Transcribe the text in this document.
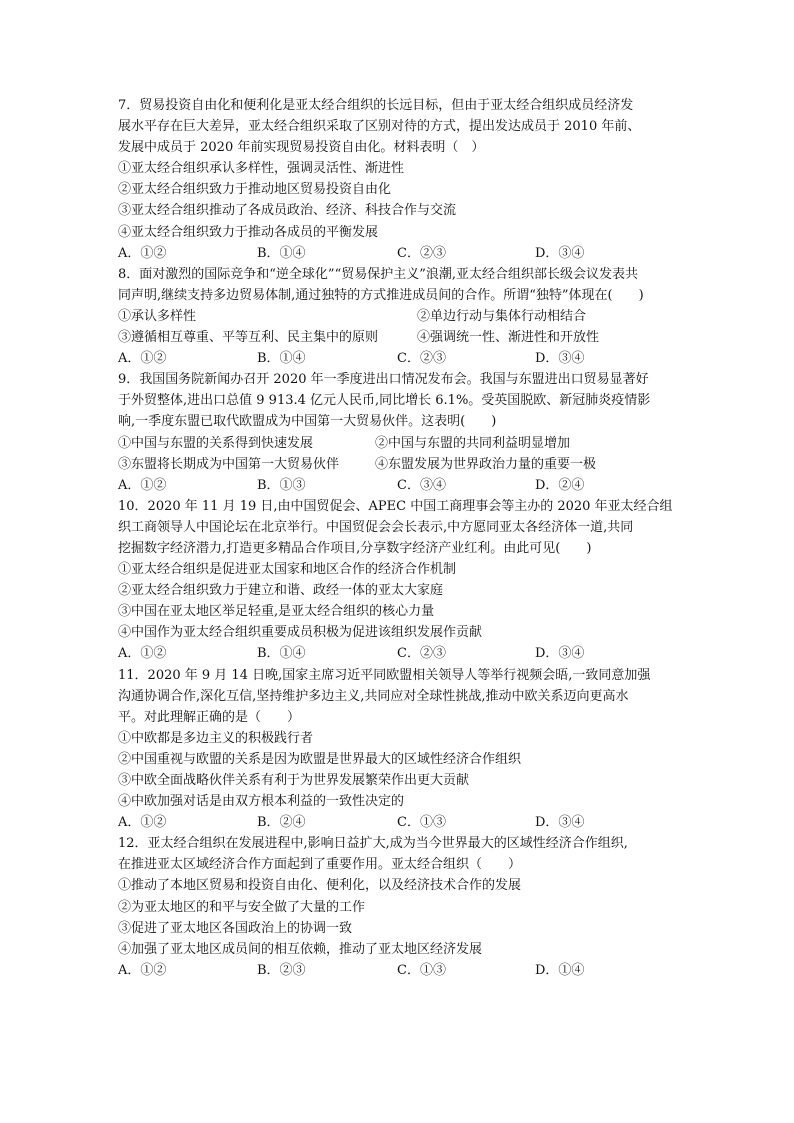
7．贸易投资自由化和便利化是亚太经合组织的长远目标，但由于亚太经合组织成员经济发
展水平存在巨大差异，亚太经合组织采取了区别对待的方式，提出发达成员于 2010 年前、
发展中成员于 2020 年前实现贸易投资自由化。材料表明（　）
①亚太经合组织承认多样性，强调灵活性、渐进性
②亚太经合组织致力于推动地区贸易投资自由化
③亚太经合组织推动了各成员政治、经济、科技合作与交流
④亚太经合组织致力于推动各成员的平衡发展
A．①②	B．①④	C．②③	D．③④
8．面对激烈的国际竞争和“逆全球化”“贸易保护主义”浪潮,亚太经合组织部长级会议发表共
同声明,继续支持多边贸易体制,通过独特的方式推进成员间的合作。所谓“独特”体现在(　　)
①承认多样性	②单边行动与集体行动相结合
③遵循相互尊重、平等互利、民主集中的原则	④强调统一性、渐进性和开放性
A．①②	B．①④	C．②③	D．③④
9．我国国务院新闻办召开 2020 年一季度进出口情况发布会。我国与东盟进出口贸易显著好
于外贸整体,进出口总值 9 913.4 亿元人民币,同比增长 6.1%。受英国脱欧、新冠肺炎疫情影
响,一季度东盟已取代欧盟成为中国第一大贸易伙伴。这表明(　　)
①中国与东盟的关系得到快速发展	②中国与东盟的共同利益明显增加
③东盟将长期成为中国第一大贸易伙伴	④东盟发展为世界政治力量的重要一极
A．①②	B．①③	C．③④	D．②④
10．2020 年 11 月 19 日,由中国贸促会、APEC 中国工商理事会等主办的 2020 年亚太经合组
织工商领导人中国论坛在北京举行。中国贸促会会长表示,中方愿同亚太各经济体一道,共同
挖掘数字经济潜力,打造更多精品合作项目,分享数字经济产业红利。由此可见(　　)
①亚太经合组织是促进亚太国家和地区合作的经济合作机制
②亚太经合组织致力于建立和谐、政经一体的亚太大家庭
③中国在亚太地区举足轻重,是亚太经合组织的核心力量
④中国作为亚太经合组织重要成员积极为促进该组织发展作贡献
A．①②	B．①④	C．②③	D．③④
11．2020 年 9 月 14 日晚,国家主席习近平同欧盟相关领导人等举行视频会晤,一致同意加强
沟通协调合作,深化互信,坚持维护多边主义,共同应对全球性挑战,推动中欧关系迈向更高水
平。对此理解正确的是（　　）
①中欧都是多边主义的积极践行者
②中国重视与欧盟的关系是因为欧盟是世界最大的区域性经济合作组织
③中欧全面战略伙伴关系有利于为世界发展繁荣作出更大贡献
④中欧加强对话是由双方根本利益的一致性决定的
A．①②	B．②④	C．①③	D．③④
12．亚太经合组织在发展进程中,影响日益扩大,成为当今世界最大的区域性经济合作组织,
在推进亚太区域经济合作方面起到了重要作用。亚太经合组织（　　）
①推动了本地区贸易和投资自由化、便利化，以及经济技术合作的发展
②为亚太地区的和平与安全做了大量的工作
③促进了亚太地区各国政治上的协调一致
④加强了亚太地区成员间的相互依赖，推动了亚太地区经济发展
A．①②	B．②③	C．①③	D．①④
